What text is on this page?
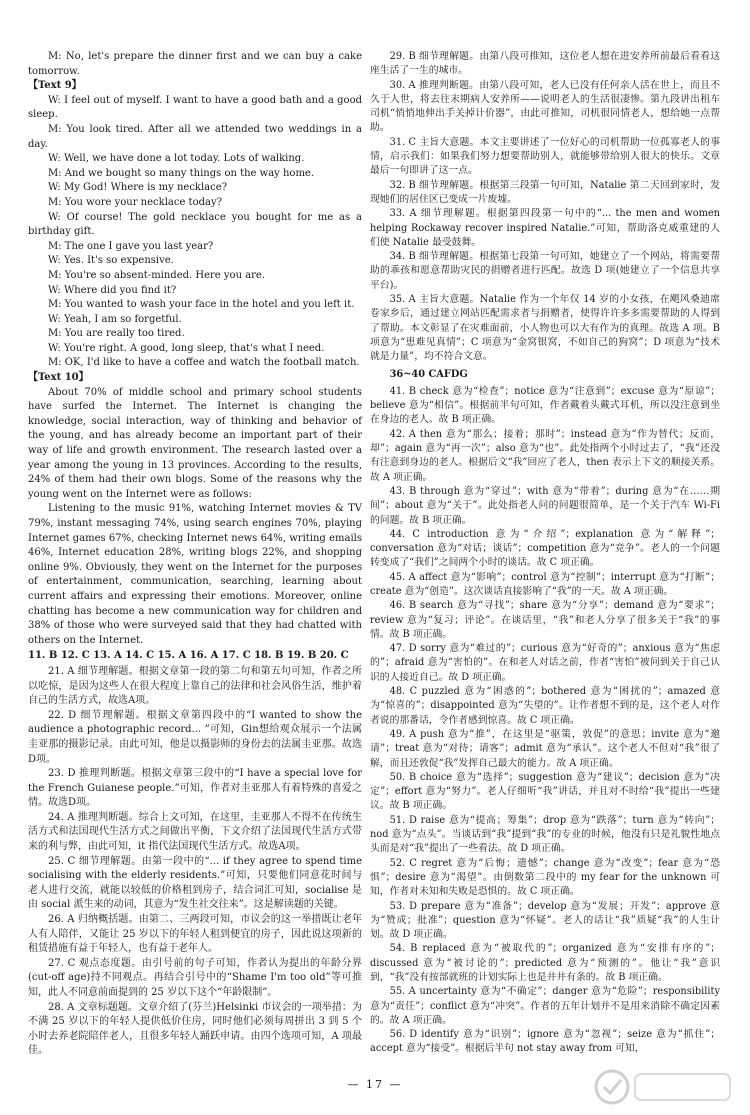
M: No, let's prepare the dinner first and we can buy a cake tomorrow.

【Text 9】

W: I feel out of myself. I want to have a good bath and a good sleep.

M: You look tired. After all we attended two weddings in a day.

W: Well, we have done a lot today. Lots of walking.

M: And we bought so many things on the way home.

W: My God! Where is my necklace?

M: You wore your necklace today?

W: Of course! The gold necklace you bought for me as a birthday gift.

M: The one I gave you last year?

W: Yes. It's so expensive.

M: You're so absent-minded. Here you are.

W: Where did you find it?

M: You wanted to wash your face in the hotel and you left it.

W: Yeah, I am so forgetful.

M: You are really too tired.

W: You're right. A good, long sleep, that's what I need.

M: OK, I'd like to have a coffee and watch the football match.

【Text 10】

About 70% of middle school and primary school students have surfed the Internet. The Internet is changing the knowledge, social interaction, way of thinking and behavior of the young, and has already become an important part of their way of life and growth environment. The research lasted over a year among the young in 13 provinces. According to the results, 24% of them had their own blogs. Some of the reasons why the young went on the Internet were as follows:

Listening to the music 91%, watching Internet movies & TV 79%, instant messaging 74%, using search engines 70%, playing Internet games 67%, checking Internet news 64%, writing emails 46%, Internet education 28%, writing blogs 22%, and shopping online 9%. Obviously, they went on the Internet for the purposes of entertainment, communication, searching, learning about current affairs and expressing their emotions. Moreover, online chatting has become a new communication way for children and 38% of those who were surveyed said that they had chatted with others on the Internet.

11. B 12. C 13. A 14. C 15. A 16. A 17. C 18. B 19. B 20. C

21. A 细节理解题。根据文章第一段的第二句和第五句可知，作者之所以吃惊，是因为这些人在很大程度上靠自己的法律和社会风俗生活，维护着自己的生活方式，故选A项。

22. D 细节理解题。根据文章第四段中的“I wanted to show the audience a photographic record... ”可知，Gin想给观众展示一个法属圭亚那的摄影记录。由此可知，他是以摄影师的身份去的法属圭亚那。故选D项。

23. D 推理判断题。根据文章第三段中的“I have a special love for the French Guianese people.”可知，作者对圭亚那人有着特殊的喜爱之情。故选D项。

24. A 推理判断题。综合上文可知，在这里，圭亚那人不得不在传统生活方式和法国现代生活方式之间做出平衡，下文介绍了法国现代生活方式带来的利与弊，由此可知，it 指代法国现代生活方式。故选A项。

25. C 细节理解题。由第一段中的“... if they agree to spend time socialising with the elderly residents.”可知，只要他们同意花时间与老人进行交流，就能以较低的价格租到房子，结合词汇可知，socialise 是由 social 派生来的动词，其意为“发生社交往来”。这是解读题的关键。

26. A 归纳概括题。由第二、三两段可知，市议会的这一举措既让老年人有人陪伴，又能让 25 岁以下的年轻人租到便宜的房子，因此说这项新的租赁措施有益于年轻人，也有益于老年人。

27. C 观点态度题。由引号前的句子可知，作者认为提出的年龄分界(cut-off age)持不同观点。再结合引号中的“Shame I'm too old”等可推知，此人不同意前面提到的 25 岁以下这个“年龄限制”。

28. A 文章标题题。文章介绍了(芬兰)Helsinki 市议会的一项举措：为不满 25 岁以下的年轻人提供低价住房，同时他们必须每周拼出 3 到 5 个小时去养老院陪伴老人，且很多年轻人踊跃申请。由四个选项可知，A 项最佳。

29. B 细节理解题。由第八段可推知，这位老人想在进安养所前最后看看这座生活了一生的城市。

30. A 推理判断题。由第八段可知，老人已没有任何亲人活在世上，而且不久于人世，将去往末期病人安养所——说明老人的生活很凄惨。第九段讲出租车司机“悄悄地伸出手关掉计价器”，由此可推知，司机很同情老人，想给她一点帮助。

31. C 主旨大意题。本文主要讲述了一位好心的司机帮助一位孤寡老人的事情，启示我们：如果我们努力想要帮助别人，就能够带给别人很大的快乐。文章最后一句即讲了这一点。

32. B 细节理解题。根据第三段第一句可知，Natalie 第二天回到家时，发现她们的居住区已变成一片废墟。

33. A 细节理解题。根据第四段第一句中的“... the men and women helping Rockaway recover inspired Natalie.”可知，帮助洛克威重建的人们使 Natalie 最受鼓舞。

34. B 细节理解题。根据第七段第一句可知，她建立了一个网站，将需要帮助的乖孩和愿意帮助灾民的捐赠者进行匹配。故选 D 项(她建立了一个信息共享平台)。

35. A 主旨大意题。Natalie 作为一个年仅 14 岁的小女孩，在飓风桑迪席卷家乡后，通过建立网站匹配需求者与捐赠者，使得许许多多需要帮助的人得到了帮助。本文彰显了在灾难面前，小人物也可以大有作为的真理。故选 A 项。B 项意为“患难见真情”；C 项意为“金窝银窝，不如自己的狗窝”；D 项意为“技术就是力量”，均不符合文意。

36~40 CAFDG

41. B check 意为“检查”；notice 意为“注意到”；excuse 意为“原谅”；believe 意为“相信”。根据前半句可知，作者戴着头戴式耳机，所以没注意到坐在身边的老人。故 B 项正确。

42. A then 意为“那么；接着；那时”；instead 意为“作为替代；反而，却”；again 意为“再一次”；also 意为“也”。此处指两个小时过去了，“我”还没有注意到身边的老人。根据后文“我”回应了老人，then 表示上下文的顺接关系。故 A 项正确。

43. B through 意为“穿过”；with 意为“带着”；during 意为“在……期间”；about 意为“关于”。此处指老人问的问题很简单，是一个关于汽车 Wi-Fi 的问题。故 B 项正确。

44. C introduction 意为“介绍”；explanation 意为“解释”；conversation 意为“对话；谈话”；competition 意为“竞争”。老人的一个问题转变成了“我们”之间两个小时的谈话。故 C 项正确。

45. A affect 意为“影响”；control 意为“控制”；interrupt 意为“打断”；create 意为“创造”。这次谈话直接影响了“我”的一天。故 A 项正确。

46. B search 意为“寻找”；share 意为“分享”；demand 意为“要求”；review 意为“复习；评论”。在谈话里，“我”和老人分享了很多关于“我”的事情。故 B 项正确。

47. D sorry 意为“难过的”；curious 意为“好奇的”；anxious 意为“焦虑的”；afraid 意为“害怕的”。在和老人对话之前，作者“害怕”被问到关于自己认识的人接近自己。故 D 项正确。

48. C puzzled 意为“困惑的”；bothered 意为“困扰的”；amazed 意为“惊喜的”；disappointed 意为“失望的”。让作者想不到的是，这个老人对作者说的那番话，令作者感到惊喜。故 C 项正确。

49. A push 意为“推”，在这里是“驱策，敦促”的意思；invite 意为“邀请”；treat 意为“对待；请客”；admit 意为“承认”。这个老人不但对“我”很了解，而且还敦促“我”发挥自己最大的能力。故 A 项正确。

50. B choice 意为“选择”；suggestion 意为“建议”；decision 意为“决定”；effort 意为“努力”。老人仔细听“我”讲话，并且对不时给“我”提出一些建议。故 B 项正确。

51. D raise 意为“提高；筹集”；drop 意为“跌落”；turn 意为“转向”；nod 意为“点头”。当谈话到“我”提到“我”的专业的时候，他没有只是礼貌性地点头而是对“我”提出了一些看法。故 D 项正确。

52. C regret 意为“后悔；遗憾”；change 意为“改变”；fear 意为“恐惧”；desire 意为“渴望”。由倒数第二段中的 my fear for the unknown 可知，作者对未知和失败是恐惧的。故 C 项正确。

53. D prepare 意为“准备”；develop 意为“发展；开发”；approve 意为“赞成；批准”；question 意为“怀疑”。老人的话让“我”质疑“我”的人生计划。故 D 项正确。

54. B replaced 意为“被取代的”；organized 意为“安排有序的”；discussed 意为“被讨论的”；predicted 意为“预测的”。他让“我”意识到，“我”没有按部就班的计划实际上也是井井有条的。故 B 项正确。

55. A uncertainty 意为“不确定”；danger 意为“危险”；responsibility 意为“责任”；conflict 意为“冲突”。作者的五年计划并不是用来消除不确定因素的。故 A 项正确。

56. D identify 意为“识别”；ignore 意为“忽视”；seize 意为“抓住”；accept 意为“接受”。根据后半句 not stay away from 可知，

— 17 —
